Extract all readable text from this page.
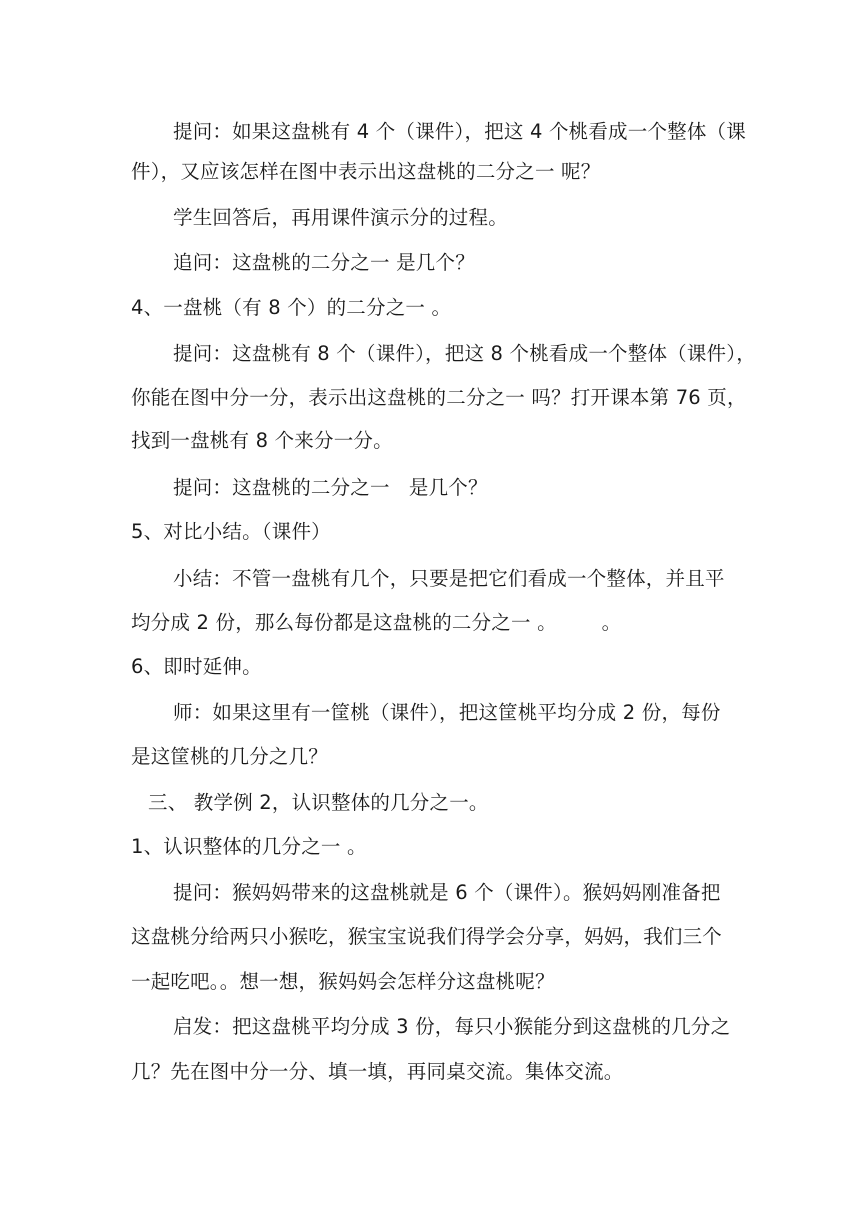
提问：如果这盘桃有 4 个（课件），把这 4 个桃看成一个整体（课
件），又应该怎样在图中表示出这盘桃的二分之一 呢？
学生回答后，再用课件演示分的过程。
追问：这盘桃的二分之一 是几个？
4、一盘桃（有 8 个）的二分之一 。
提问：这盘桃有 8 个（课件），把这 8 个桃看成一个整体（课件），
你能在图中分一分，表示出这盘桃的二分之一 吗？打开课本第 76 页，
找到一盘桃有 8 个来分一分。
提问：这盘桃的二分之一   是几个？
5、对比小结。（课件）
小结：不管一盘桃有几个，只要是把它们看成一个整体，并且平
均分成 2 份，那么每份都是这盘桃的二分之一 。       。
6、即时延伸。
师：如果这里有一筐桃（课件），把这筐桃平均分成 2 份，每份
是这筐桃的几分之几？
三、 教学例 2，认识整体的几分之一。
1、认识整体的几分之一 。
提问：猴妈妈带来的这盘桃就是 6 个（课件）。猴妈妈刚准备把
这盘桃分给两只小猴吃，猴宝宝说我们得学会分享，妈妈，我们三个
一起吃吧。。想一想，猴妈妈会怎样分这盘桃呢？
启发：把这盘桃平均分成 3 份，每只小猴能分到这盘桃的几分之
几？先在图中分一分、填一填，再同桌交流。集体交流。
